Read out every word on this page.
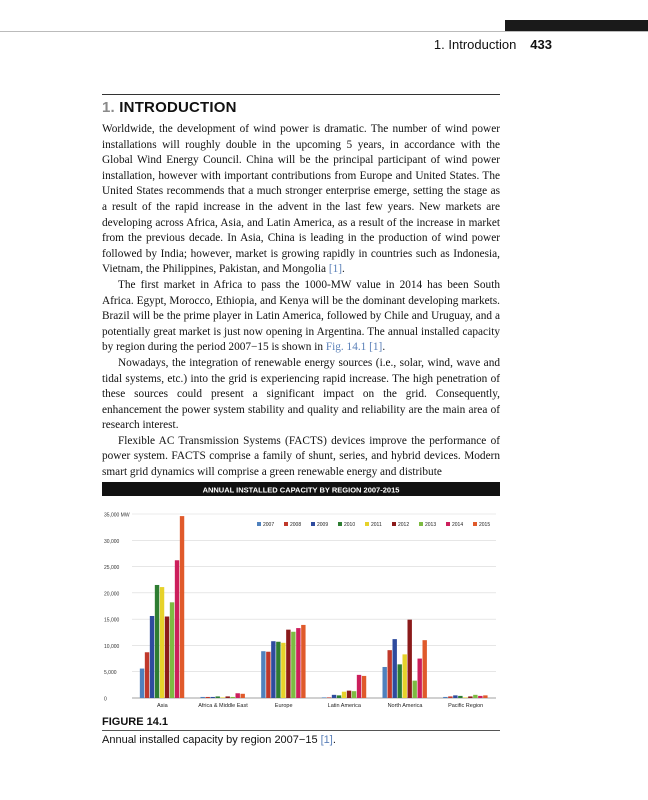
1. Introduction 433
1. INTRODUCTION

Worldwide, the development of wind power is dramatic. The number of wind power installations will roughly double in the upcoming 5 years, in accordance with the Global Wind Energy Council. China will be the principal participant of wind power installation, however with important contributions from Europe and United States. The United States recommends that a much stronger enterprise emerge, setting the stage as a result of the rapid increase in the advent in the last few years. New markets are developing across Africa, Asia, and Latin America, as a result of the increase in market from the previous decade. In Asia, China is leading in the production of wind power followed by India; however, market is growing rapidly in countries such as Indonesia, Vietnam, the Philippines, Pakistan, and Mongolia [1].

The first market in Africa to pass the 1000-MW value in 2014 has been South Africa. Egypt, Morocco, Ethiopia, and Kenya will be the dominant developing markets. Brazil will be the prime player in Latin America, followed by Chile and Uruguay, and a potentially great market is just now opening in Argentina. The annual installed capacity by region during the period 2007−15 is shown in Fig. 14.1 [1].

Nowadays, the integration of renewable energy sources (i.e., solar, wind, wave and tidal systems, etc.) into the grid is experiencing rapid increase. The high penetration of these sources could present a significant impact on the grid. Consequently, enhancement the power system stability and quality and reliability are the main area of research interest.

Flexible AC Transmission Systems (FACTS) devices improve the performance of power system. FACTS comprise a family of shunt, series, and hybrid devices. Modern smart grid dynamics will comprise a green renewable energy and distribute

ANNUAL INSTALLED CAPACITY BY REGION 2007-2015
0
5,000
10,000
15,000
20,000
25,000
30,000
35,000 MW
2007	2008	2009	2010	2011	2012	2013	2014	2015
Asia	Africa & Middle East	Europe	Latin America	North America	Pacific Region
FIGURE 14.1
Annual installed capacity by region 2007−15 [1].
